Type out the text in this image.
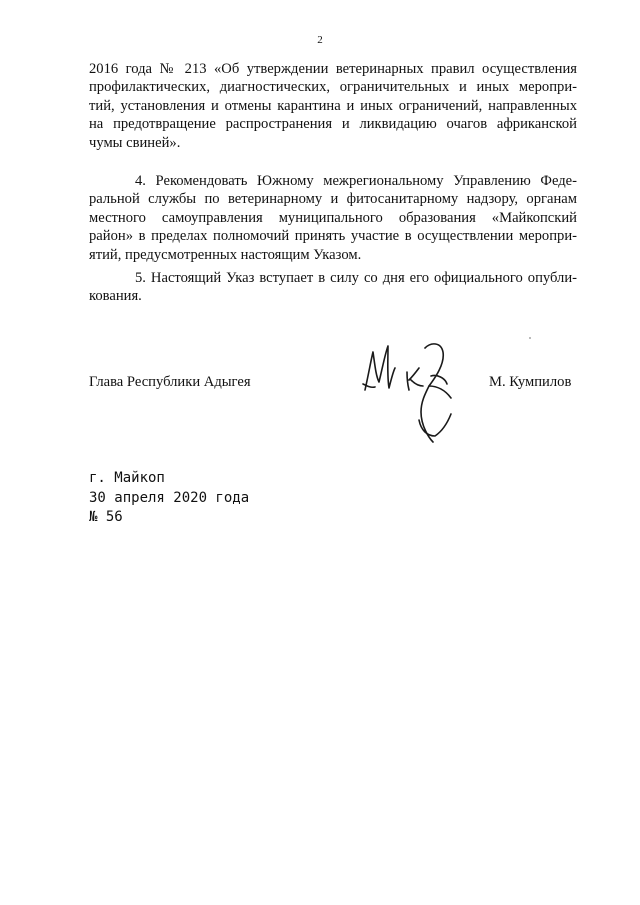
2
2016 года № 213 «Об утверждении ветеринарных правил осуществления
профилактических, диагностических, ограничительных и иных меропри-
тий, установления и отмены карантина и иных ограничений, направленных
на предотвращение распространения и ликвидацию очагов африканской
чумы свиней».
4. Рекомендовать Южному межрегиональному Управлению Феде-
ральной службы по ветеринарному и фитосанитарному надзору, органам
местного самоуправления муниципального образования «Майкопский
район» в пределах полномочий принять участие в осуществлении меропри-
ятий, предусмотренных настоящим Указом.
5. Настоящий Указ вступает в силу со дня его официального опубли-
кования.
Глава Республики Адыгея	М. Кумпилов
г. Майкоп
30 апреля 2020 года
№ 56
